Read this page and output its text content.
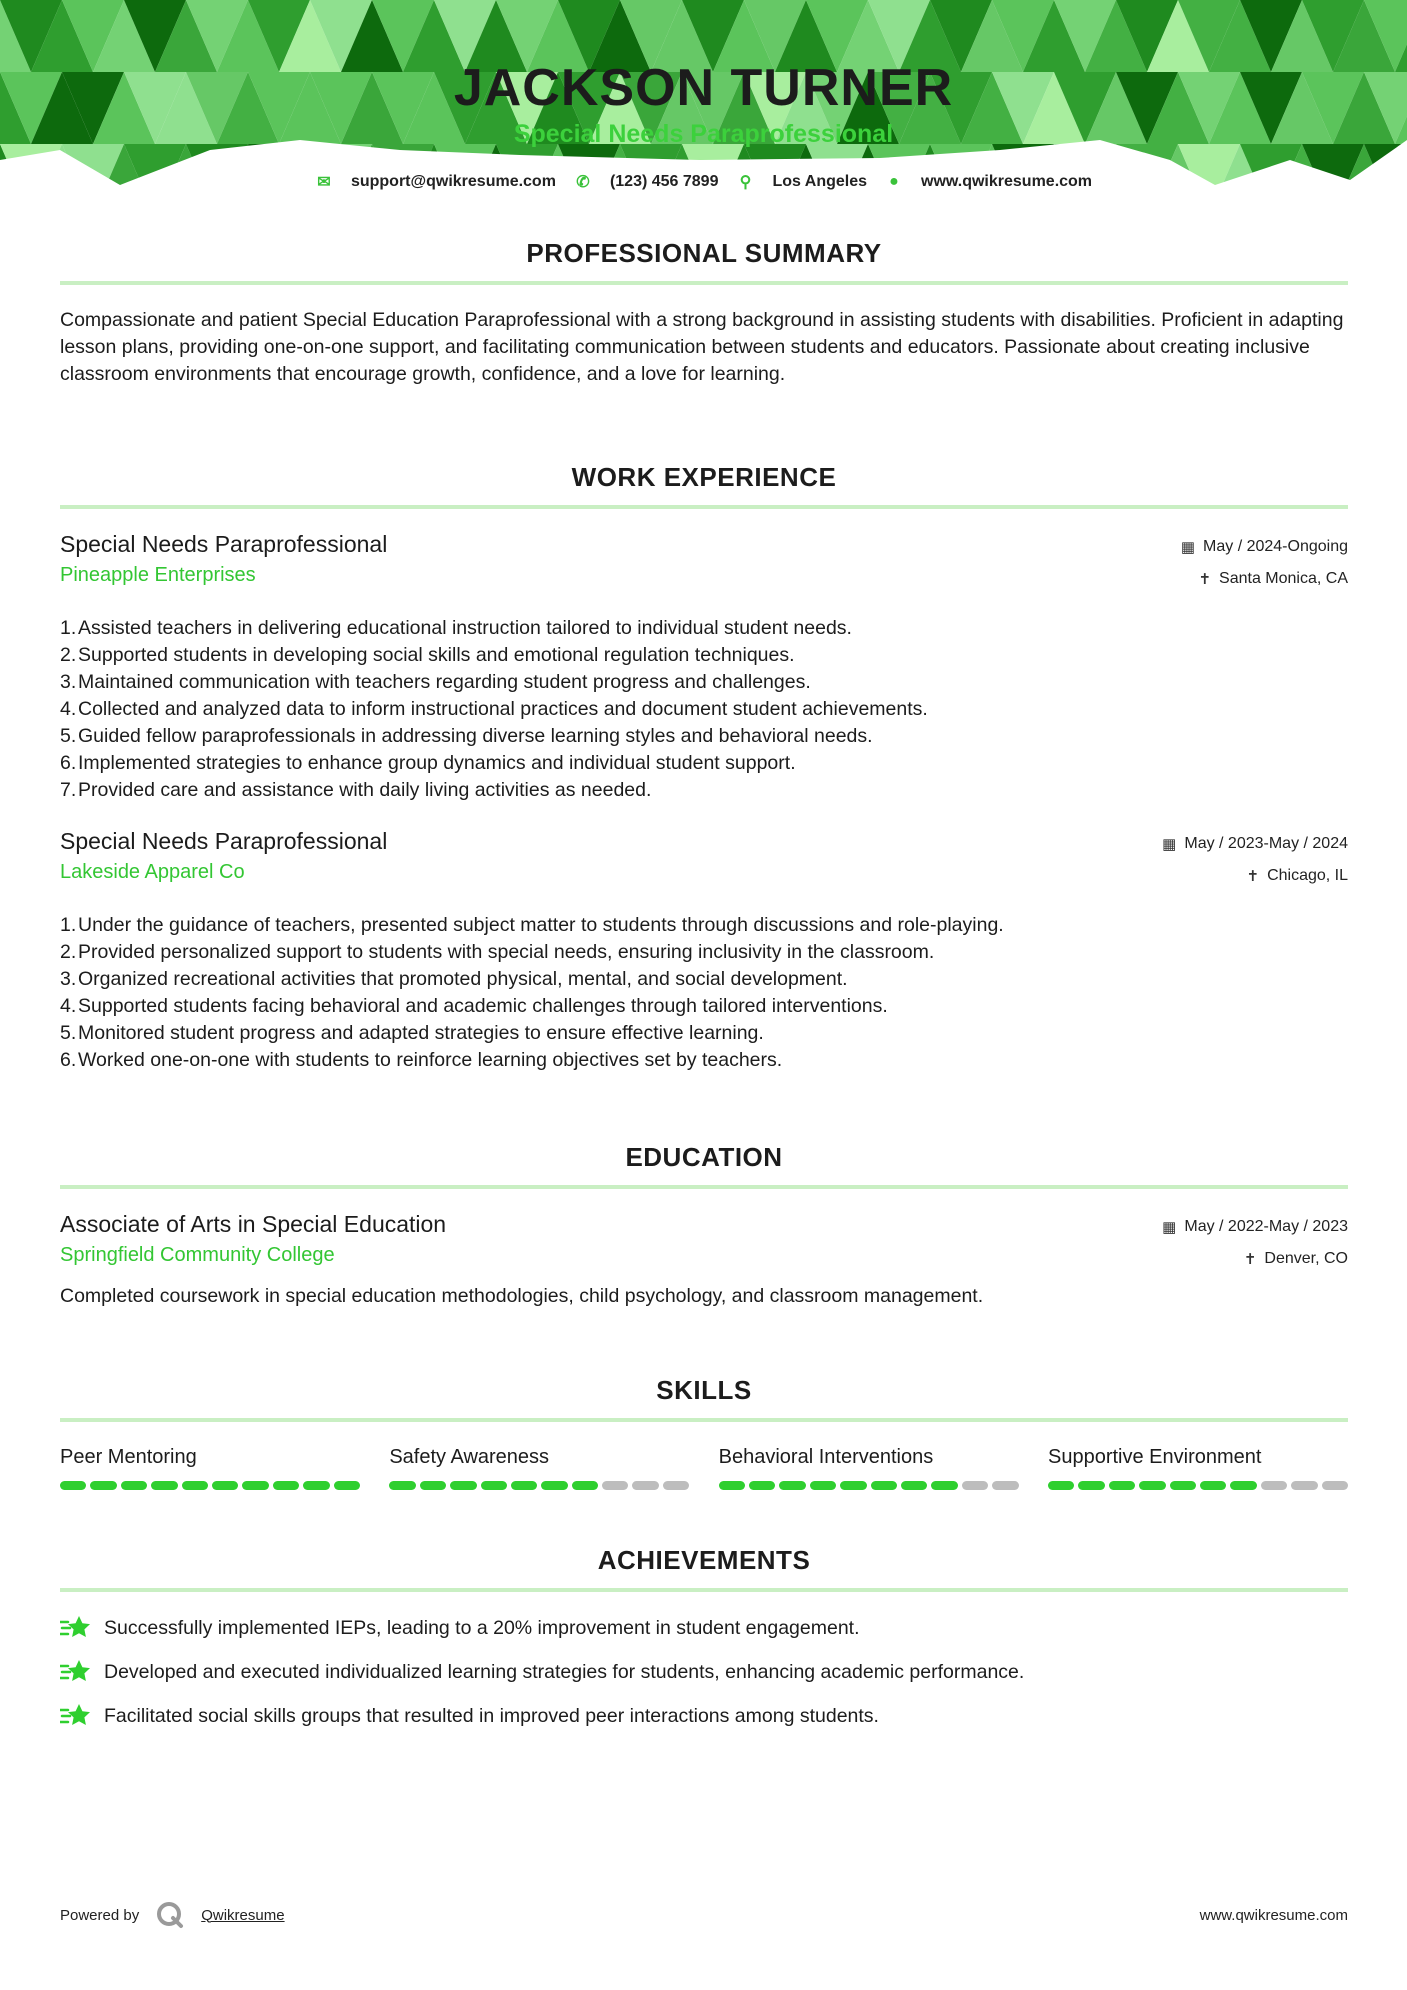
JACKSON TURNER
Special Needs Paraprofessional
✉ support@qwikresume.com ✆ (123) 456 7899 ⚲ Los Angeles ● www.qwikresume.com
PROFESSIONAL SUMMARY
Compassionate and patient Special Education Paraprofessional with a strong background in assisting students with disabilities. Proficient in adapting lesson plans, providing one-on-one support, and facilitating communication between students and educators. Passionate about creating inclusive classroom environments that encourage growth, confidence, and a love for learning.
WORK EXPERIENCE
Special Needs Paraprofessional
Pineapple Enterprises
▦ May / 2024-Ongoing
✝ Santa Monica, CA
1. Assisted teachers in delivering educational instruction tailored to individual student needs.
2. Supported students in developing social skills and emotional regulation techniques.
3. Maintained communication with teachers regarding student progress and challenges.
4. Collected and analyzed data to inform instructional practices and document student achievements.
5. Guided fellow paraprofessionals in addressing diverse learning styles and behavioral needs.
6. Implemented strategies to enhance group dynamics and individual student support.
7. Provided care and assistance with daily living activities as needed.
Special Needs Paraprofessional
Lakeside Apparel Co
▦ May / 2023-May / 2024
✝ Chicago, IL
1. Under the guidance of teachers, presented subject matter to students through discussions and role-playing.
2. Provided personalized support to students with special needs, ensuring inclusivity in the classroom.
3. Organized recreational activities that promoted physical, mental, and social development.
4. Supported students facing behavioral and academic challenges through tailored interventions.
5. Monitored student progress and adapted strategies to ensure effective learning.
6. Worked one-on-one with students to reinforce learning objectives set by teachers.
EDUCATION
Associate of Arts in Special Education
Springfield Community College
▦ May / 2022-May / 2023
✝ Denver, CO
Completed coursework in special education methodologies, child psychology, and classroom management.
SKILLS
Peer Mentoring	Safety Awareness	Behavioral Interventions	Supportive Environment
ACHIEVEMENTS
Successfully implemented IEPs, leading to a 20% improvement in student engagement.
Developed and executed individualized learning strategies for students, enhancing academic performance.
Facilitated social skills groups that resulted in improved peer interactions among students.
Powered by	Qwikresume	www.qwikresume.com
